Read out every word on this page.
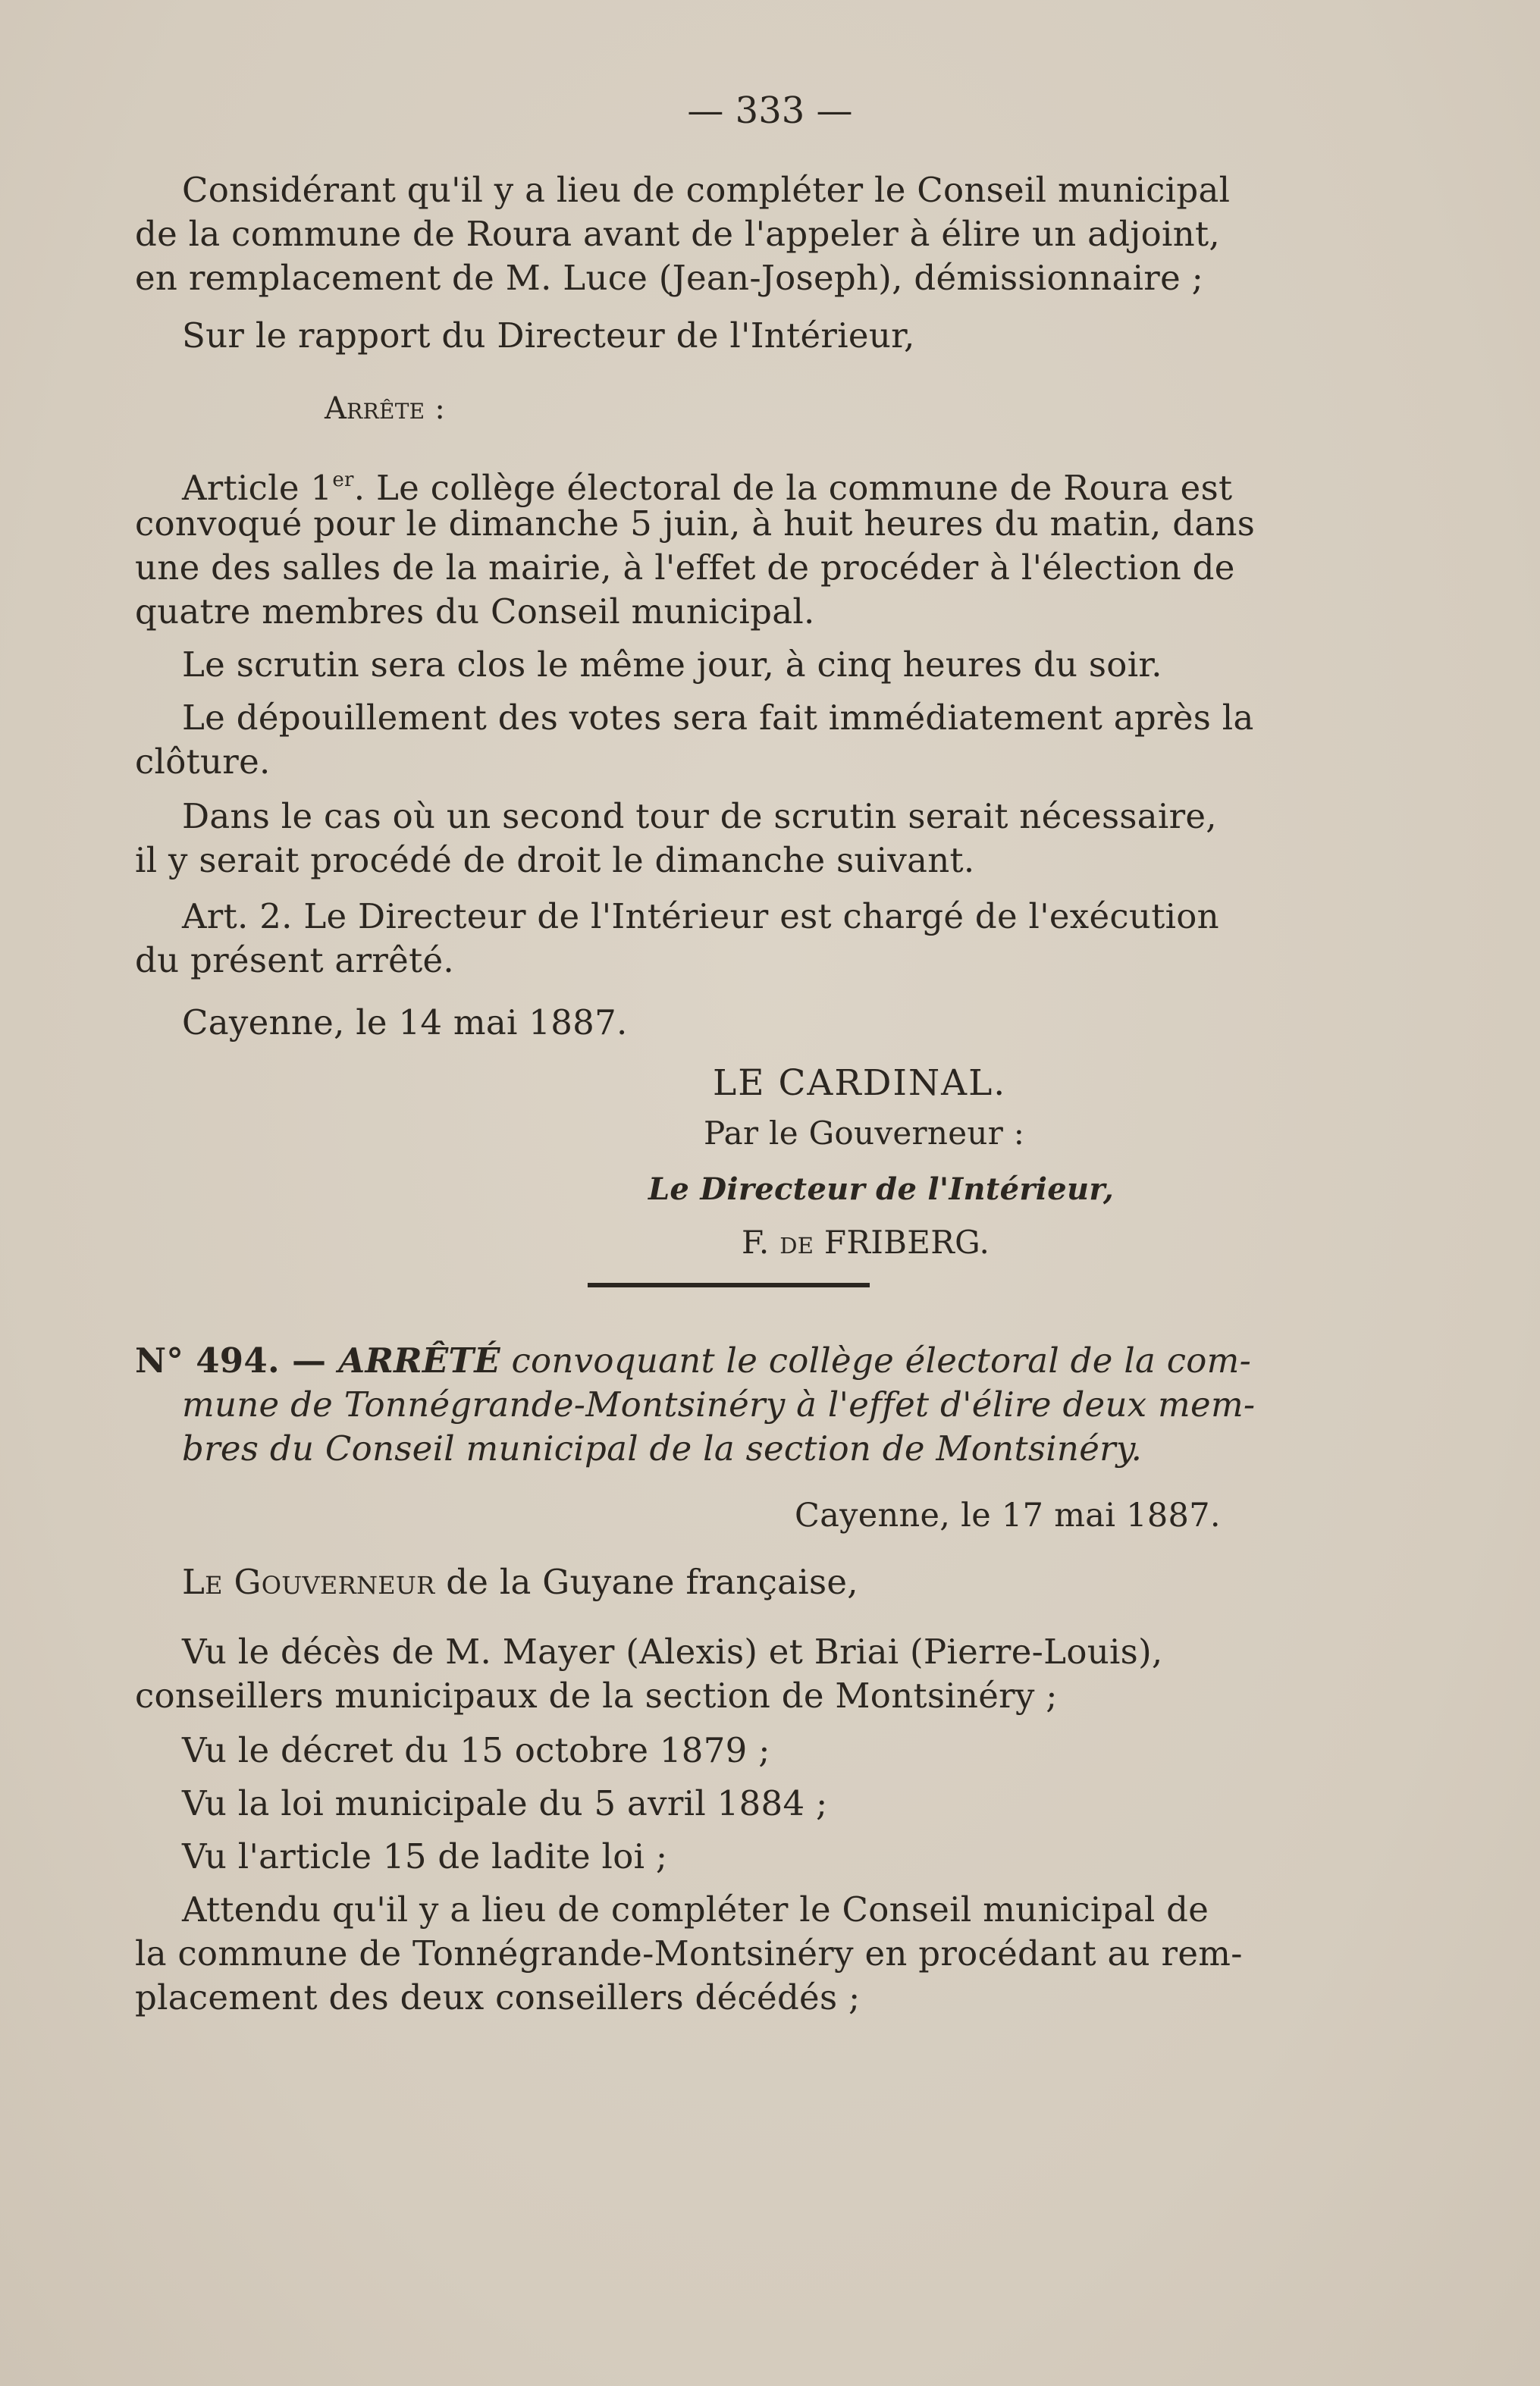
— 333 —
Considérant qu'il y a lieu de compléter le Conseil municipal
de la commune de Roura avant de l'appeler à élire un adjoint,
en remplacement de M. Luce (Jean-Joseph), démissionnaire ;
Sur le rapport du Directeur de l'Intérieur,
Arrête :
Article 1er. Le collège électoral de la commune de Roura est
convoqué pour le dimanche 5 juin, à huit heures du matin, dans
une des salles de la mairie, à l'effet de procéder à l'élection de
quatre membres du Conseil municipal.
Le scrutin sera clos le même jour, à cinq heures du soir.
Le dépouillement des votes sera fait immédiatement après la
clôture.
Dans le cas où un second tour de scrutin serait nécessaire,
il y serait procédé de droit le dimanche suivant.
Art. 2. Le Directeur de l'Intérieur est chargé de l'exécution
du présent arrêté.
Cayenne, le 14 mai 1887.
LE CARDINAL.
Par le Gouverneur :
Le Directeur de l'Intérieur,
F. de FRIBERG.
N° 494. — ARRÊTÉ convoquant le collège électoral de la com-
mune de Tonnégrande-Montsinéry à l'effet d'élire deux mem-
bres du Conseil municipal de la section de Montsinéry.
Cayenne, le 17 mai 1887.
Le Gouverneur de la Guyane française,
Vu le décès de M. Mayer (Alexis) et Briai (Pierre-Louis),
conseillers municipaux de la section de Montsinéry ;
Vu le décret du 15 octobre 1879 ;
Vu la loi municipale du 5 avril 1884 ;
Vu l'article 15 de ladite loi ;
Attendu qu'il y a lieu de compléter le Conseil municipal de
la commune de Tonnégrande-Montsinéry en procédant au rem-
placement des deux conseillers décédés ;
